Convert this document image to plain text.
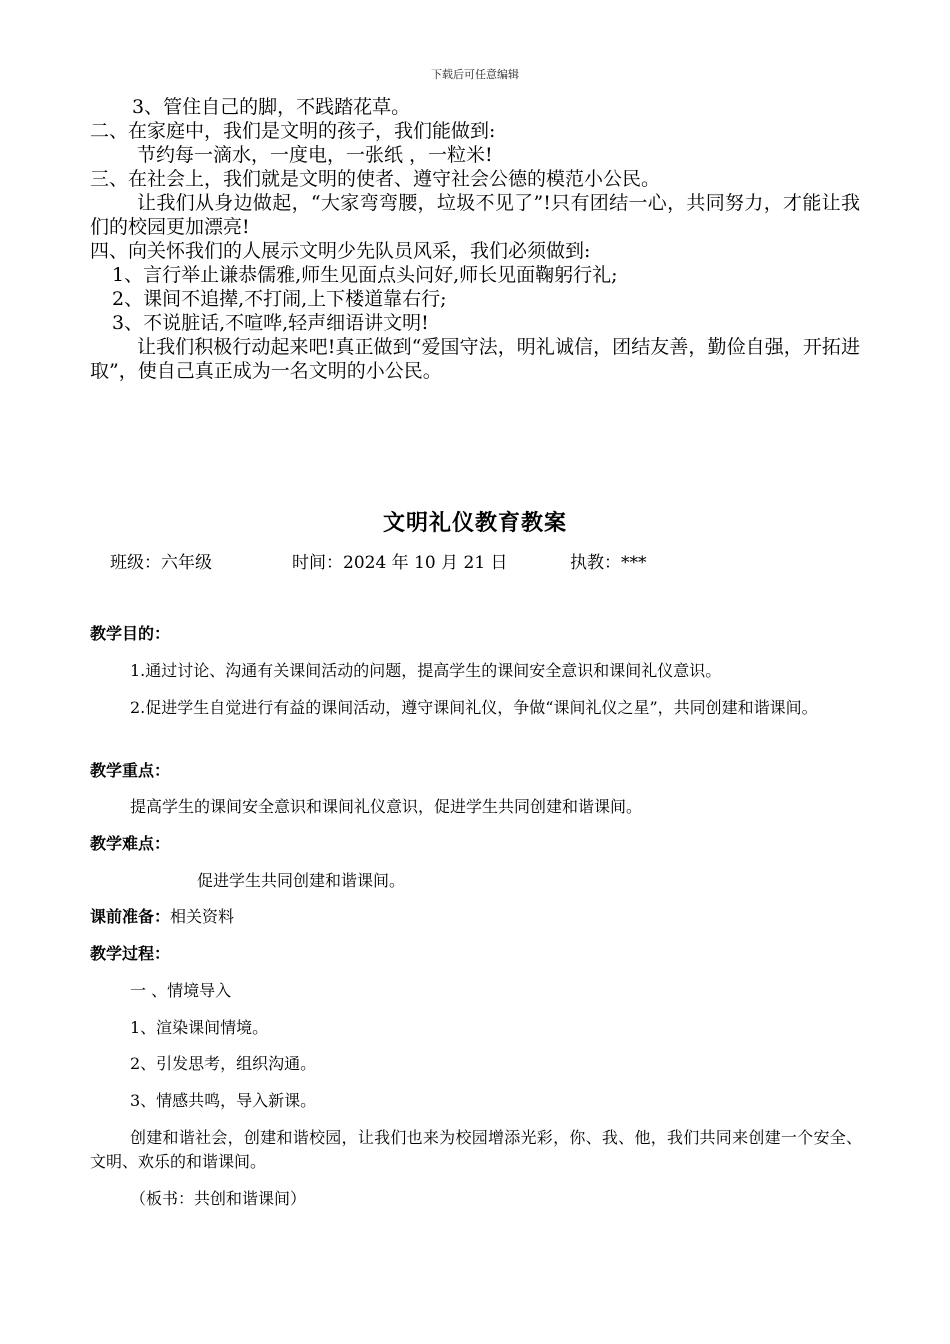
下载后可任意编辑

3、管住自己的脚，不践踏花草。

二、在家庭中，我们是文明的孩子，我们能做到:

节约每一滴水，一度电，一张纸 ，一粒米!

三、在社会上，我们就是文明的使者、遵守社会公德的模范小公民。

让我们从身边做起，“大家弯弯腰，垃圾不见了”!只有团结一心，共同努力，才能让我们的校园更加漂亮!

四、向关怀我们的人展示文明少先队员风采，我们必须做到:

1、言行举止谦恭儒雅,师生见面点头问好,师长见面鞠躬行礼;

2、课间不追撵,不打闹,上下楼道靠右行;

3、不说脏话,不喧哗,轻声细语讲文明!

让我们积极行动起来吧!真正做到“爱国守法，明礼诚信，团结友善，勤俭自强，开拓进取”，使自己真正成为一名文明的小公民。

文明礼仪教育教案
班级：六年级	时间：2024 年 10 月 21 日	执教：***

教学目的：

1.通过讨论、沟通有关课间活动的问题，提高学生的课间安全意识和课间礼仪意识。

2.促进学生自觉进行有益的课间活动，遵守课间礼仪，争做“课间礼仪之星”，共同创建和谐课间。

教学重点：

提高学生的课间安全意识和课间礼仪意识，促进学生共同创建和谐课间。

教学难点：

促进学生共同创建和谐课间。

课前准备：相关资料

教学过程：

一 、情境导入

1、渲染课间情境。

2、引发思考，组织沟通。

3、情感共鸣，导入新课。

创建和谐社会，创建和谐校园，让我们也来为校园增添光彩，你、我、他，我们共同来创建一个安全、文明、欢乐的和谐课间。

（板书：共创和谐课间）
